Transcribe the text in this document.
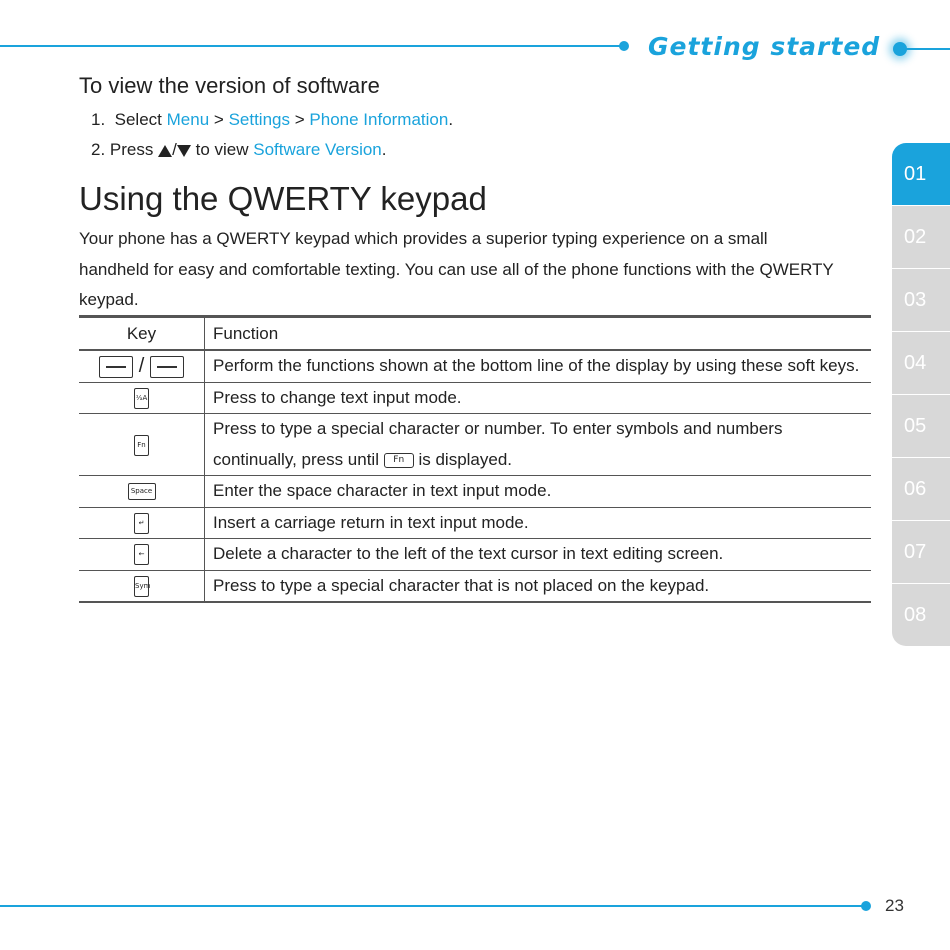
Getting started
To view the version of software
1. Select Menu > Settings > Phone Information.
2. Press / to view Software Version.
Using the QWERTY keypad

Your phone has a QWERTY keypad which provides a superior typing experience on a small handheld for easy and comfortable texting. You can use all of the phone functions with the QWERTY keypad.

Key	Function
/	Perform the functions shown at the bottom line of the display by using these soft keys.
¹⁄ₐA	Press to change text input mode.
Fn	Press to type a special character or number. To enter symbols and numbers continually, press until Fn is displayed.
Space	Enter the space character in text input mode.
↵	Insert a carriage return in text input mode.
←	Delete a character to the left of the text cursor in text editing screen.
Sym	Press to type a special character that is not placed on the keypad.
01
02
03
04
05
06
07
08
23
